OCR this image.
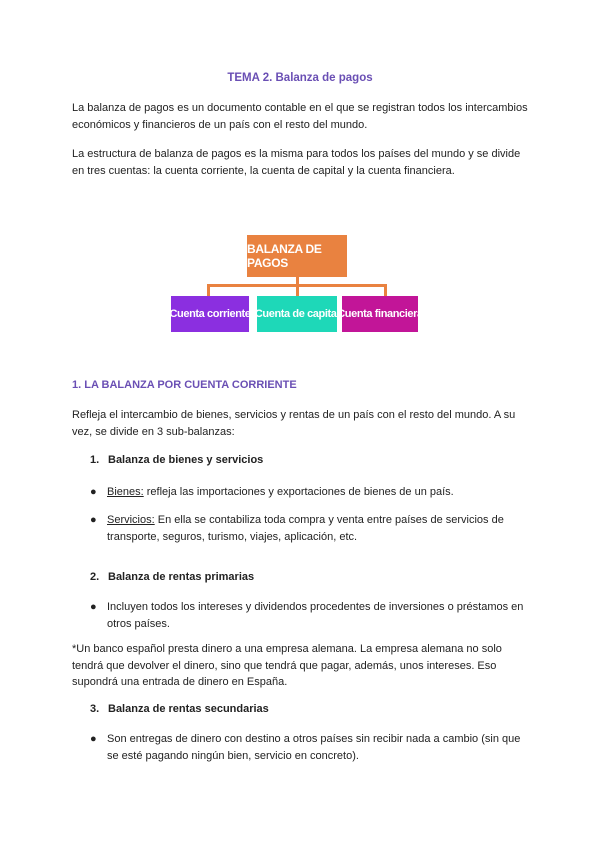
TEMA 2. Balanza de pagos
La balanza de pagos es un documento contable en el que se registran todos los intercambios económicos y financieros de un país con el resto del mundo.
La estructura de balanza de pagos es la misma para todos los países del mundo y se divide en tres cuentas: la cuenta corriente, la cuenta de capital y la cuenta financiera.
BALANZA DE PAGOS
Cuenta corriente Cuenta de capital
Cuenta financiera
1. LA BALANZA POR CUENTA CORRIENTE
Refleja el intercambio de bienes, servicios y rentas de un país con el resto del mundo. A su vez, se divide en 3 sub-balanzas:
1. Balanza de bienes y servicios
● Bienes: refleja las importaciones y exportaciones de bienes de un país.
● Servicios: En ella se contabiliza toda compra y venta entre países de servicios de transporte, seguros, turismo, viajes, aplicación, etc.
2. Balanza de rentas primarias
● Incluyen todos los intereses y dividendos procedentes de inversiones o préstamos en otros países.
*Un banco español presta dinero a una empresa alemana. La empresa alemana no solo tendrá que devolver el dinero, sino que tendrá que pagar, además, unos intereses. Eso supondrá una entrada de dinero en España.
3. Balanza de rentas secundarias
● Son entregas de dinero con destino a otros países sin recibir nada a cambio (sin que se esté pagando ningún bien, servicio en concreto).
